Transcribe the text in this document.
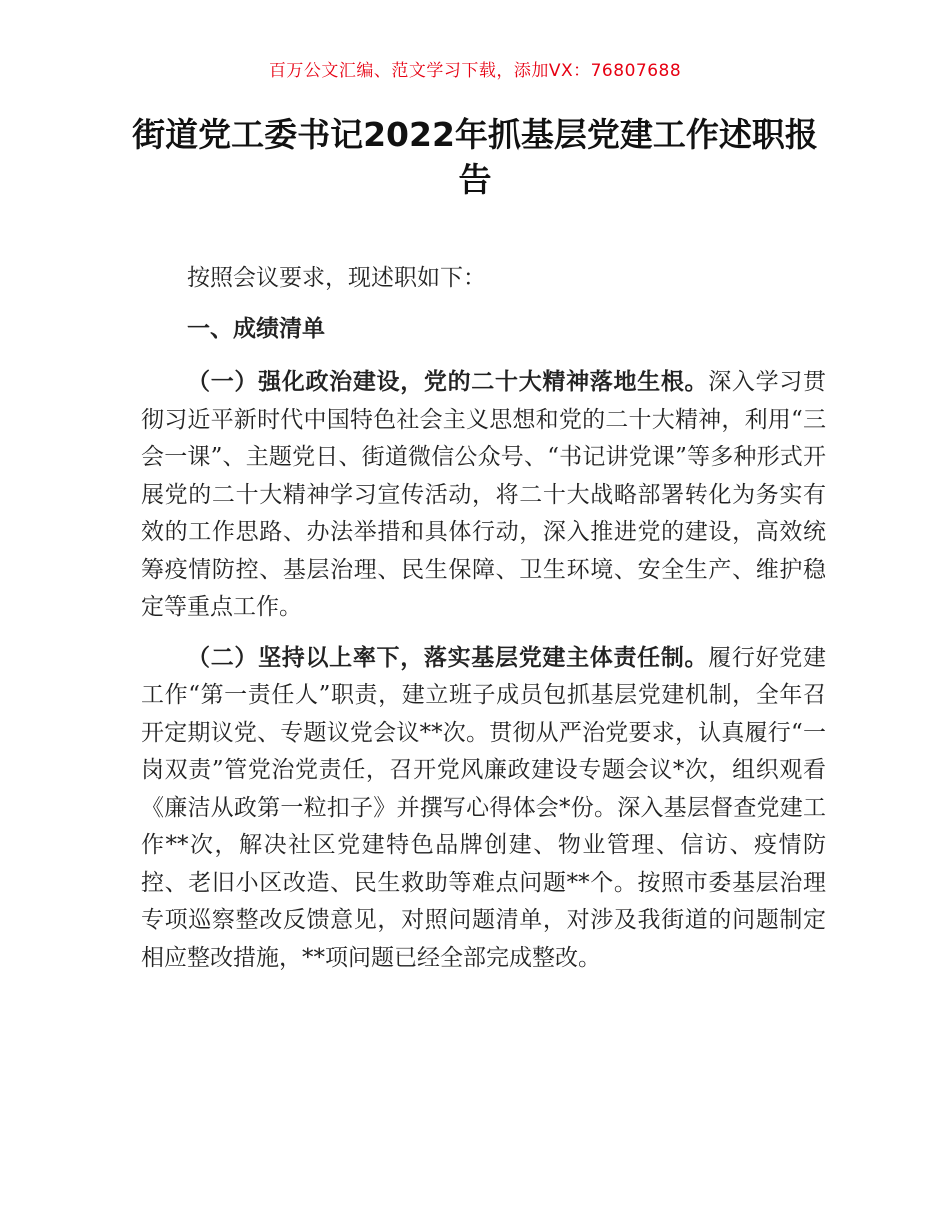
百万公文汇编、范文学习下载，添加VX：76807688
街道党工委书记2022年抓基层党建工作述职报告

按照会议要求，现述职如下：

一、成绩清单

（一）强化政治建设，党的二十大精神落地生根。深入学习贯彻习近平新时代中国特色社会主义思想和党的二十大精神，利用“三会一课”、主题党日、街道微信公众号、“书记讲党课”等多种形式开展党的二十大精神学习宣传活动，将二十大战略部署转化为务实有效的工作思路、办法举措和具体行动，深入推进党的建设，高效统筹疫情防控、基层治理、民生保障、卫生环境、安全生产、维护稳定等重点工作。

（二）坚持以上率下，落实基层党建主体责任制。履行好党建工作“第一责任人”职责，建立班子成员包抓基层党建机制，全年召开定期议党、专题议党会议**次。贯彻从严治党要求，认真履行“一岗双责”管党治党责任，召开党风廉政建设专题会议*次，组织观看《廉洁从政第一粒扣子》并撰写心得体会*份。深入基层督查党建工作**次，解决社区党建特色品牌创建、物业管理、信访、疫情防控、老旧小区改造、民生救助等难点问题**个。按照市委基层治理专项巡察整改反馈意见，对照问题清单，对涉及我街道的问题制定相应整改措施，**项问题已经全部完成整改。
